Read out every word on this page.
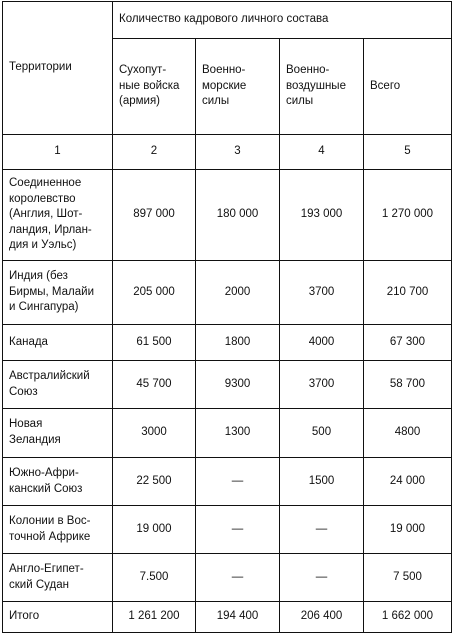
Территории	Количество кадрового личного состава			
	Сухопут-
ные войска
(армия)	Военно-
морские
силы	Военно-
воздушные
силы	Всего
1	2	3	4	5
Соединенное
королевство
(Англия, Шот-
ландия, Ирлан-
дия и Уэльс)	897 000	180 000	193 000	1 270 000
Индия (без
Бирмы, Малайи
и Сингапура)	205 000	2000	3700	210 700
Канада	61 500	1800	4000	67 300
Австралийский
Союз	45 700	9300	3700	58 700
Новая
Зеландия	3000	1300	500	4800
Южно-Афри-
канский Союз	22 500	—	1500	24 000
Колонии в Вос-
точной Африке	19 000	—	—	19 000
Англо-Египет-
ский Судан	7.500	—	—	7 500
Итого	1 261 200	194 400	206 400	1 662 000
